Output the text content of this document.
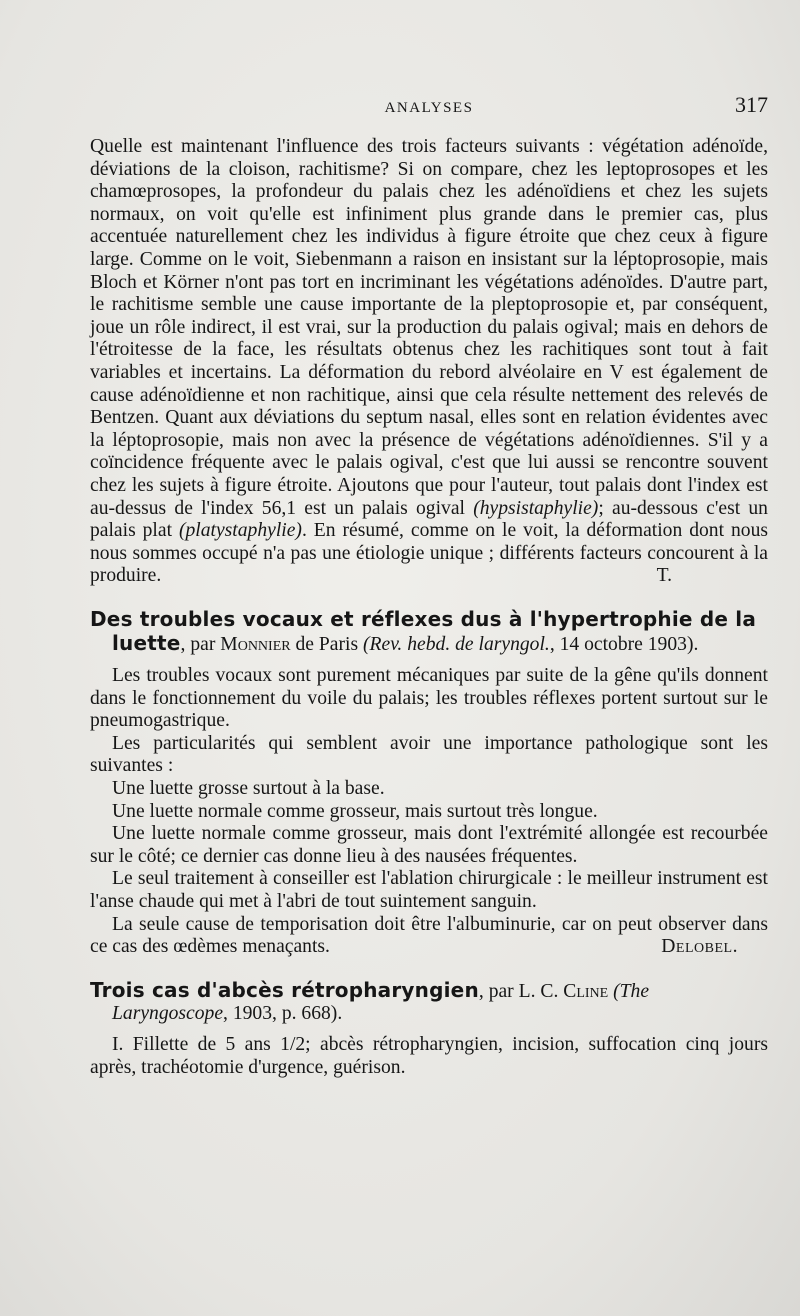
ANALYSES	317

Quelle est maintenant l'influence des trois facteurs suivants : végétation adénoïde, déviations de la cloison, rachitisme? Si on compare, chez les leptoprosopes et les chamœprosopes, la profondeur du palais chez les adénoïdiens et chez les sujets normaux, on voit qu'elle est infiniment plus grande dans le premier cas, plus accentuée naturellement chez les individus à figure étroite que chez ceux à figure large. Comme on le voit, Siebenmann a raison en insistant sur la léptoprosopie, mais Bloch et Körner n'ont pas tort en incriminant les végétations adénoïdes. D'autre part, le rachitisme semble une cause importante de la pleptoprosopie et, par conséquent, joue un rôle indirect, il est vrai, sur la production du palais ogival; mais en dehors de l'étroitesse de la face, les résultats obtenus chez les rachitiques sont tout à fait variables et incertains. La déformation du rebord alvéolaire en V est également de cause adénoïdienne et non rachitique, ainsi que cela résulte nettement des relevés de Bentzen. Quant aux déviations du septum nasal, elles sont en relation évidentes avec la léptoprosopie, mais non avec la présence de végétations adénoïdiennes. S'il y a coïncidence fréquente avec le palais ogival, c'est que lui aussi se rencontre souvent chez les sujets à figure étroite. Ajoutons que pour l'auteur, tout palais dont l'index est au-dessus de l'index 56,1 est un palais ogival (hypsistaphylie); au-dessous c'est un palais plat (platystaphylie). En résumé, comme on le voit, la déformation dont nous nous sommes occupé n'a pas une étiologie unique ; différents facteurs concourent à la produire.	T.

Des troubles vocaux et réflexes dus à l'hypertrophie de la luette, par Monnier de Paris (Rev. hebd. de laryngol., 14 octobre 1903).

Les troubles vocaux sont purement mécaniques par suite de la gêne qu'ils donnent dans le fonctionnement du voile du palais; les troubles réflexes portent surtout sur le pneumogastrique.

Les particularités qui semblent avoir une importance pathologique sont les suivantes :

Une luette grosse surtout à la base.

Une luette normale comme grosseur, mais surtout très longue.

Une luette normale comme grosseur, mais dont l'extrémité allongée est recourbée sur le côté; ce dernier cas donne lieu à des nausées fréquentes.

Le seul traitement à conseiller est l'ablation chirurgicale : le meilleur instrument est l'anse chaude qui met à l'abri de tout suintement sanguin.

La seule cause de temporisation doit être l'albuminurie, car on peut observer dans ce cas des œdèmes menaçants.	Delobel.

Trois cas d'abcès rétropharyngien, par L. C. Cline (The Laryngoscope, 1903, p. 668).

I. Fillette de 5 ans 1/2; abcès rétropharyngien, incision, suffocation cinq jours après, trachéotomie d'urgence, guérison.
